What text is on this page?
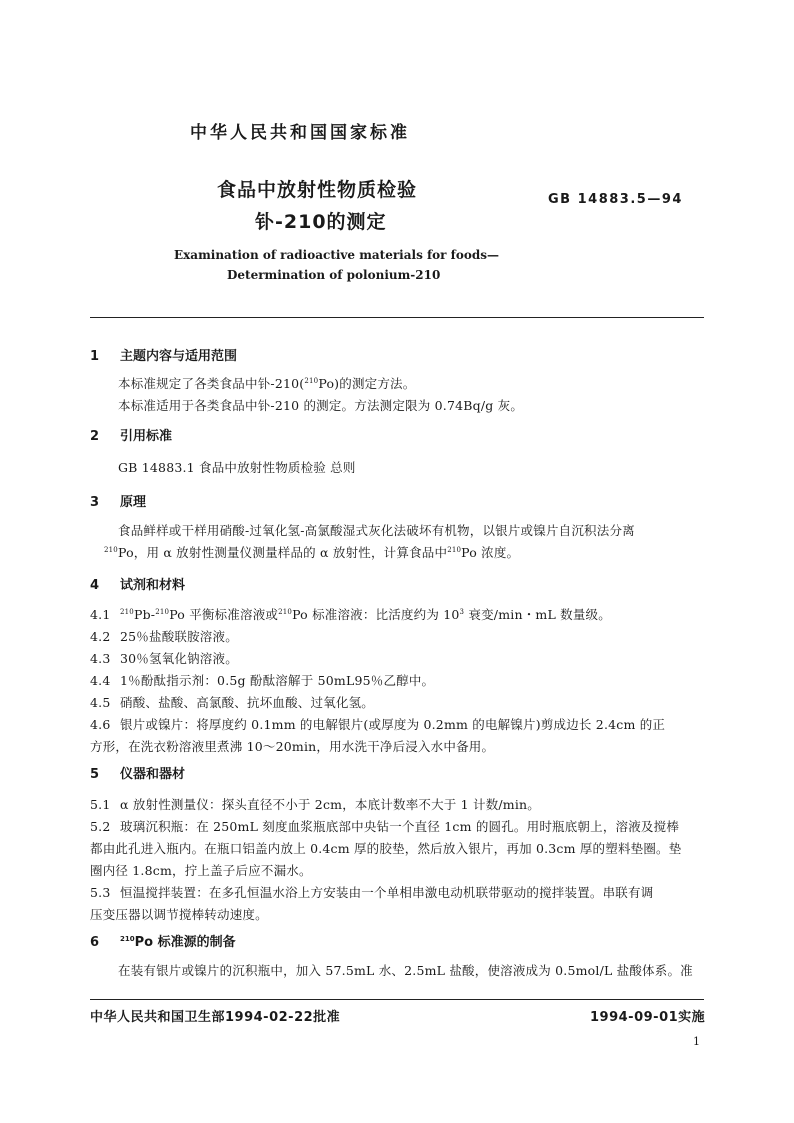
中华人民共和国国家标准
食品中放射性物质检验
钋-210的测定
GB 14883.5—94
Examination of radioactive materials for foods—
Determination of polonium-210
1 主题内容与适用范围
本标准规定了各类食品中钋-210($^{210}$Po)的测定方法。
本标准适用于各类食品中钋-210 的测定。方法测定限为 0.74Bq/g 灰。
2 引用标准
GB 14883.1 食品中放射性物质检验 总则
3 原理
食品鲜样或干样用硝酸-过氧化氢-高氯酸湿式灰化法破坏有机物，以银片或镍片自沉积法分离
$^{210}$Po，用 α 放射性测量仪测量样品的 α 放射性，计算食品中$^{210}$Po 浓度。
4 试剂和材料
4.1 $^{210}$Pb-$^{210}$Po 平衡标准溶液或$^{210}$Po 标准溶液：比活度约为 $10^3$ 衰变/min・mL 数量级。
4.2 25％盐酸联胺溶液。
4.3 30％氢氧化钠溶液。
4.4 1％酚酞指示剂：0.5g 酚酞溶解于 50mL95％乙醇中。
4.5 硝酸、盐酸、高氯酸、抗坏血酸、过氧化氢。
4.6 银片或镍片：将厚度约 0.1mm 的电解银片(或厚度为 0.2mm 的电解镍片)剪成边长 2.4cm 的正
方形，在洗衣粉溶液里煮沸 10～20min，用水洗干净后浸入水中备用。
5 仪器和器材
5.1 α 放射性测量仪：探头直径不小于 2cm，本底计数率不大于 1 计数/min。
5.2 玻璃沉积瓶：在 250mL 刻度血浆瓶底部中央钻一个直径 1cm 的圆孔。用时瓶底朝上，溶液及搅棒
都由此孔进入瓶内。在瓶口铝盖内放上 0.4cm 厚的胶垫，然后放入银片，再加 0.3cm 厚的塑料垫圈。垫
圈内径 1.8cm，拧上盖子后应不漏水。
5.3 恒温搅拌装置：在多孔恒温水浴上方安装由一个单相串激电动机联带驱动的搅拌装置。串联有调
压变压器以调节搅棒转动速度。
6	$^{210}$Po 标准源的制备
在装有银片或镍片的沉积瓶中，加入 57.5mL 水、2.5mL 盐酸，使溶液成为 0.5mol/L 盐酸体系。准
中华人民共和国卫生部1994-02-22批准	1994-09-01实施
1
